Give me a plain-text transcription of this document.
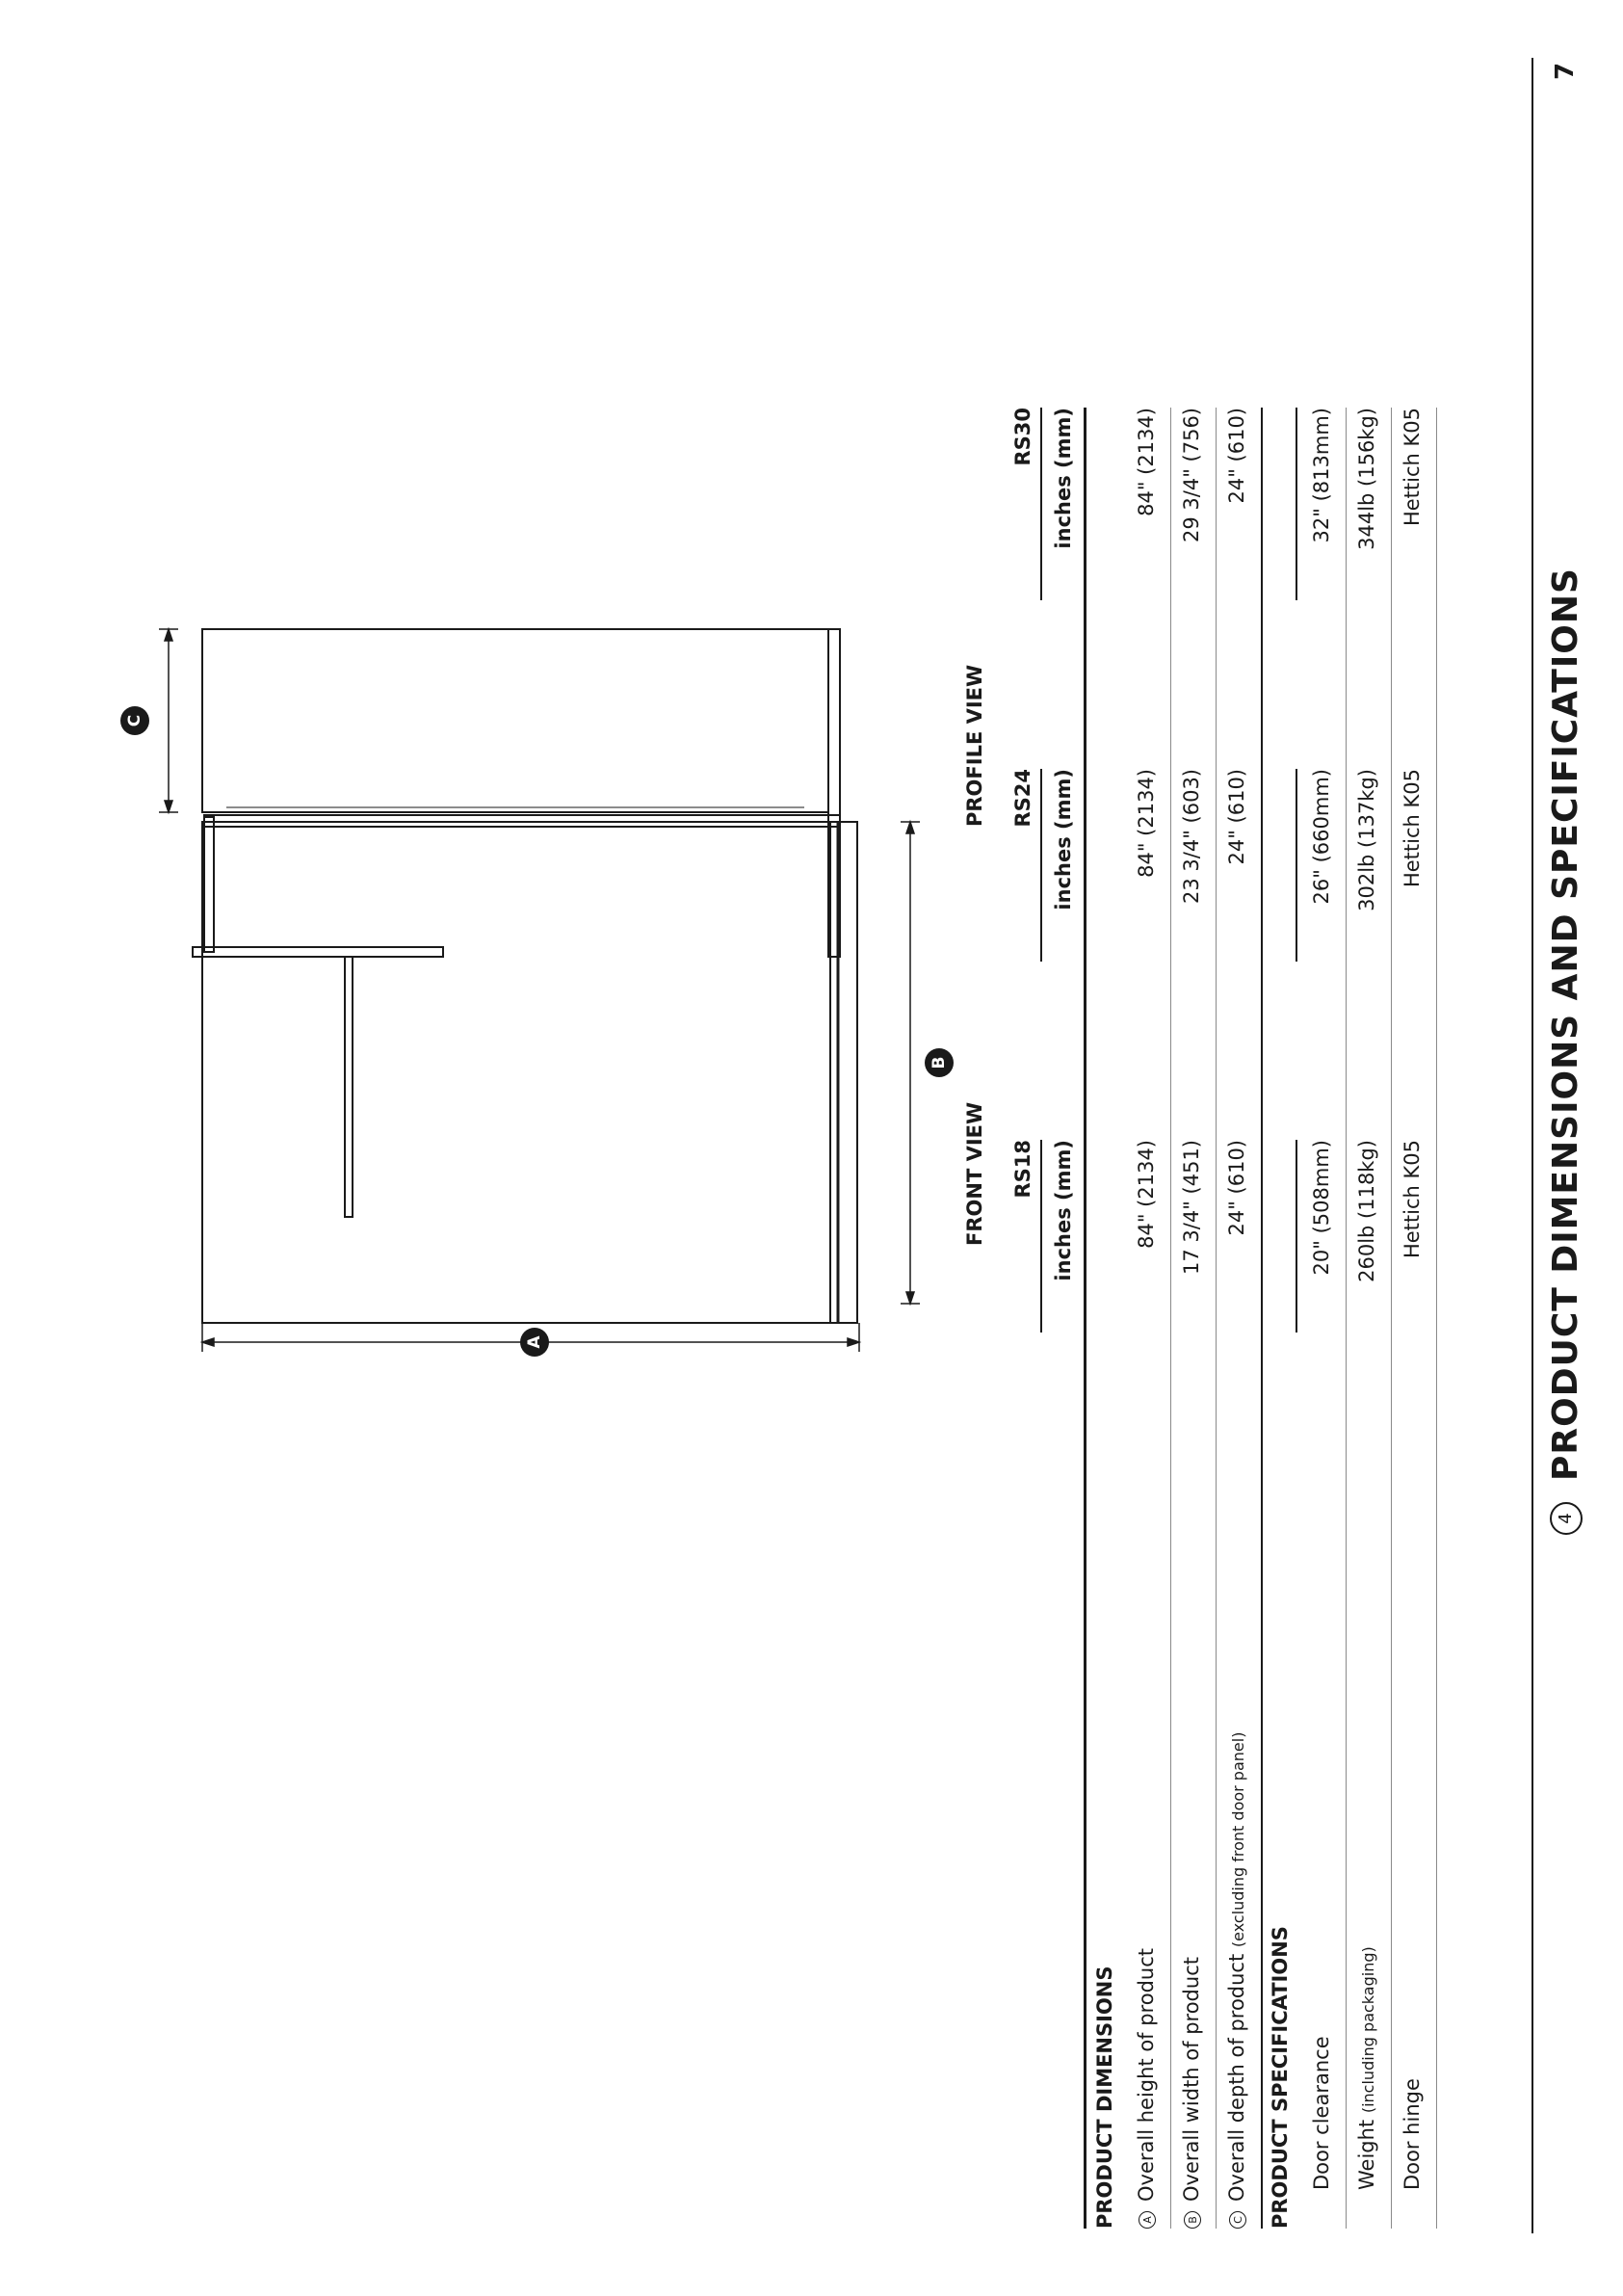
RS18
RS24
RS30
inches (mm)
inches (mm)
inches (mm)
PRODUCT DIMENSIONS	AOverall height of product
84" (2134)
84" (2134)
84" (2134)
BOverall width of product
17 3/4" (451)
23 3/4" (603)
29 3/4" (756)
COverall depth of product (excluding front door panel)
24" (610)
24" (610)
24" (610)
PRODUCT SPECIFICATIONS Door clearance
20" (508mm)
26" (660mm)
32" (813mm)
Weight (including packaging)
260lb (118kg)
302lb (137kg)
344lb (156kg)
Door hinge
Hettich K05
Hettich K05
Hettich K05
7
4
PRODUCT DIMENSIONS AND SPECIFICATIONS
FRONT VIEW
PROFILE VIEW
A
B
C
